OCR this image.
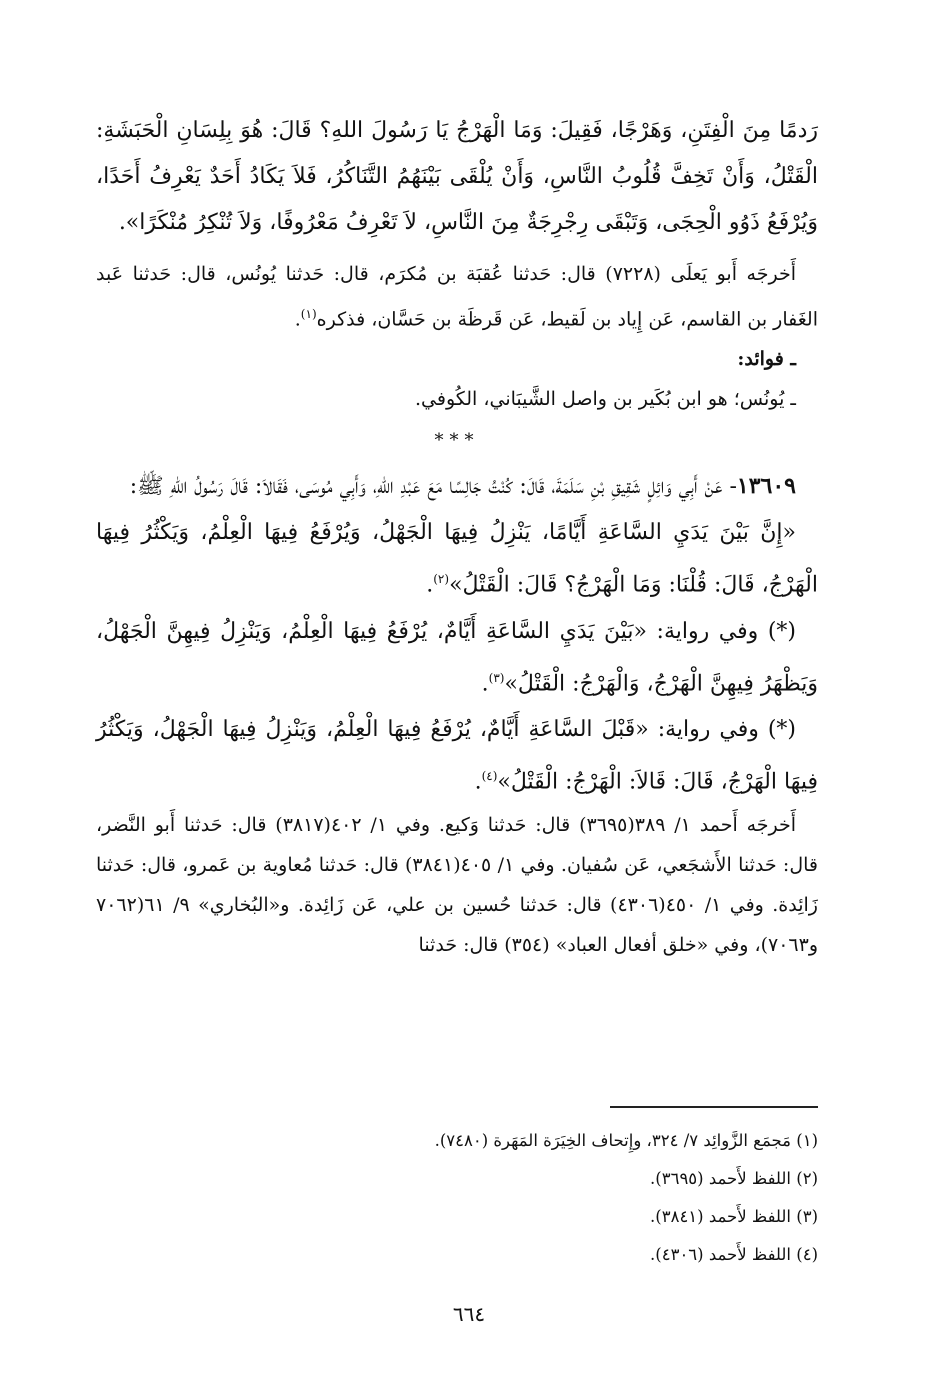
رَدمًا مِنَ الْفِتَنِ، وَهَرْجًا، فَقِيلَ: وَمَا الْهَرْجُ يَا رَسُولَ اللهِ؟ قَالَ: هُوَ بِلِسَانِ الْحَبَشَةِ: الْقَتْلُ، وَأَنْ تَخِفَّ قُلُوبُ النَّاسِ، وَأَنْ يُلْقَى بَيْنَهُمُ التَّنَاكُرُ، فَلاَ يَكَادُ أَحَدٌ يَعْرِفُ أَحَدًا، وَيُرْفَعُ ذَوُو الْحِجَى، وَتَبْقَى رِجْرِجَةٌ مِنَ النَّاسِ، لاَ تَعْرِفُ مَعْرُوفًا، وَلاَ تُنْكِرُ مُنْكَرًا».

أَخرجَه أَبو يَعلَى (٧٢٢٨) قال: حَدثنا عُقبَة بن مُكرَم، قال: حَدثنا يُونُس، قال: حَدثنا عَبد الغَفار بن القاسم، عَن إِياد بن لَقيط، عَن قَرظَة بن حَسَّان، فذكره$^{(١)}$.

ـ فوائد:

ـ يُونُس؛ هو ابن بُكَير بن واصل الشَّيبَاني، الكُوفي.

***

١٣٦٠٩- عَنْ أَبِي وَائِلٍ شَقِيقِ بْنِ سَلَمَةَ، قَالَ: كُنْتُ جَالِسًا مَعَ عَبْدِ اللهِ، وَأَبِي مُوسَى، فَقَالاَ: قَالَ رَسُولُ اللهِ ﷺ:

«إِنَّ بَيْنَ يَدَيِ السَّاعَةِ أَيَّامًا، يَنْزِلُ فِيهَا الْجَهْلُ، وَيُرْفَعُ فِيهَا الْعِلْمُ، وَيَكْثُرُ فِيهَا الْهَرْجُ، قَالَ: قُلْنَا: وَمَا الْهَرْجُ؟ قَالَ: الْقَتْلُ»$^{(٢)}$.

(*) وفي رواية: «بَيْنَ يَدَيِ السَّاعَةِ أَيَّامٌ، يُرْفَعُ فِيهَا الْعِلْمُ، وَيَنْزِلُ فِيهِنَّ الْجَهْلُ، وَيَظْهَرُ فِيهِنَّ الْهَرْجُ، وَالْهَرْجُ: الْقَتْلُ»$^{(٣)}$.

(*) وفي رواية: «قَبْلَ السَّاعَةِ أَيَّامٌ، يُرْفَعُ فِيهَا الْعِلْمُ، وَيَنْزِلُ فِيهَا الْجَهْلُ، وَيَكْثُرُ فِيهَا الْهَرْجُ، قَالَ: قَالاَ: الْهَرْجُ: الْقَتْلُ»$^{(٤)}$.

أَخرجَه أَحمد ١/ ٣٨٩(٣٦٩٥) قال: حَدثنا وَكيع. وفي ١/ ٤٠٢(٣٨١٧) قال: حَدثنا أَبو النَّضر، قال: حَدثنا الأَشجَعي، عَن سُفيان. وفي ١/ ٤٠٥(٣٨٤١) قال: حَدثنا مُعاوية بن عَمرو، قال: حَدثنا زَائِدة. وفي ١/ ٤٥٠(٤٣٠٦) قال: حَدثنا حُسين بن علي، عَن زَائِدة. و«البُخاري» ٩/ ٦١(٧٠٦٢ و٧٠٦٣)، وفي «خلق أفعال العباد» (٣٥٤) قال: حَدثنا

(١) مَجمَع الزَّوائِد ٧/ ٣٢٤، وإِتحاف الخِيَرَة المَهَرة (٧٤٨٠).

(٢) اللفظ لأَحمد (٣٦٩٥).

(٣) اللفظ لأَحمد (٣٨٤١).

(٤) اللفظ لأَحمد (٤٣٠٦).

٦٦٤
